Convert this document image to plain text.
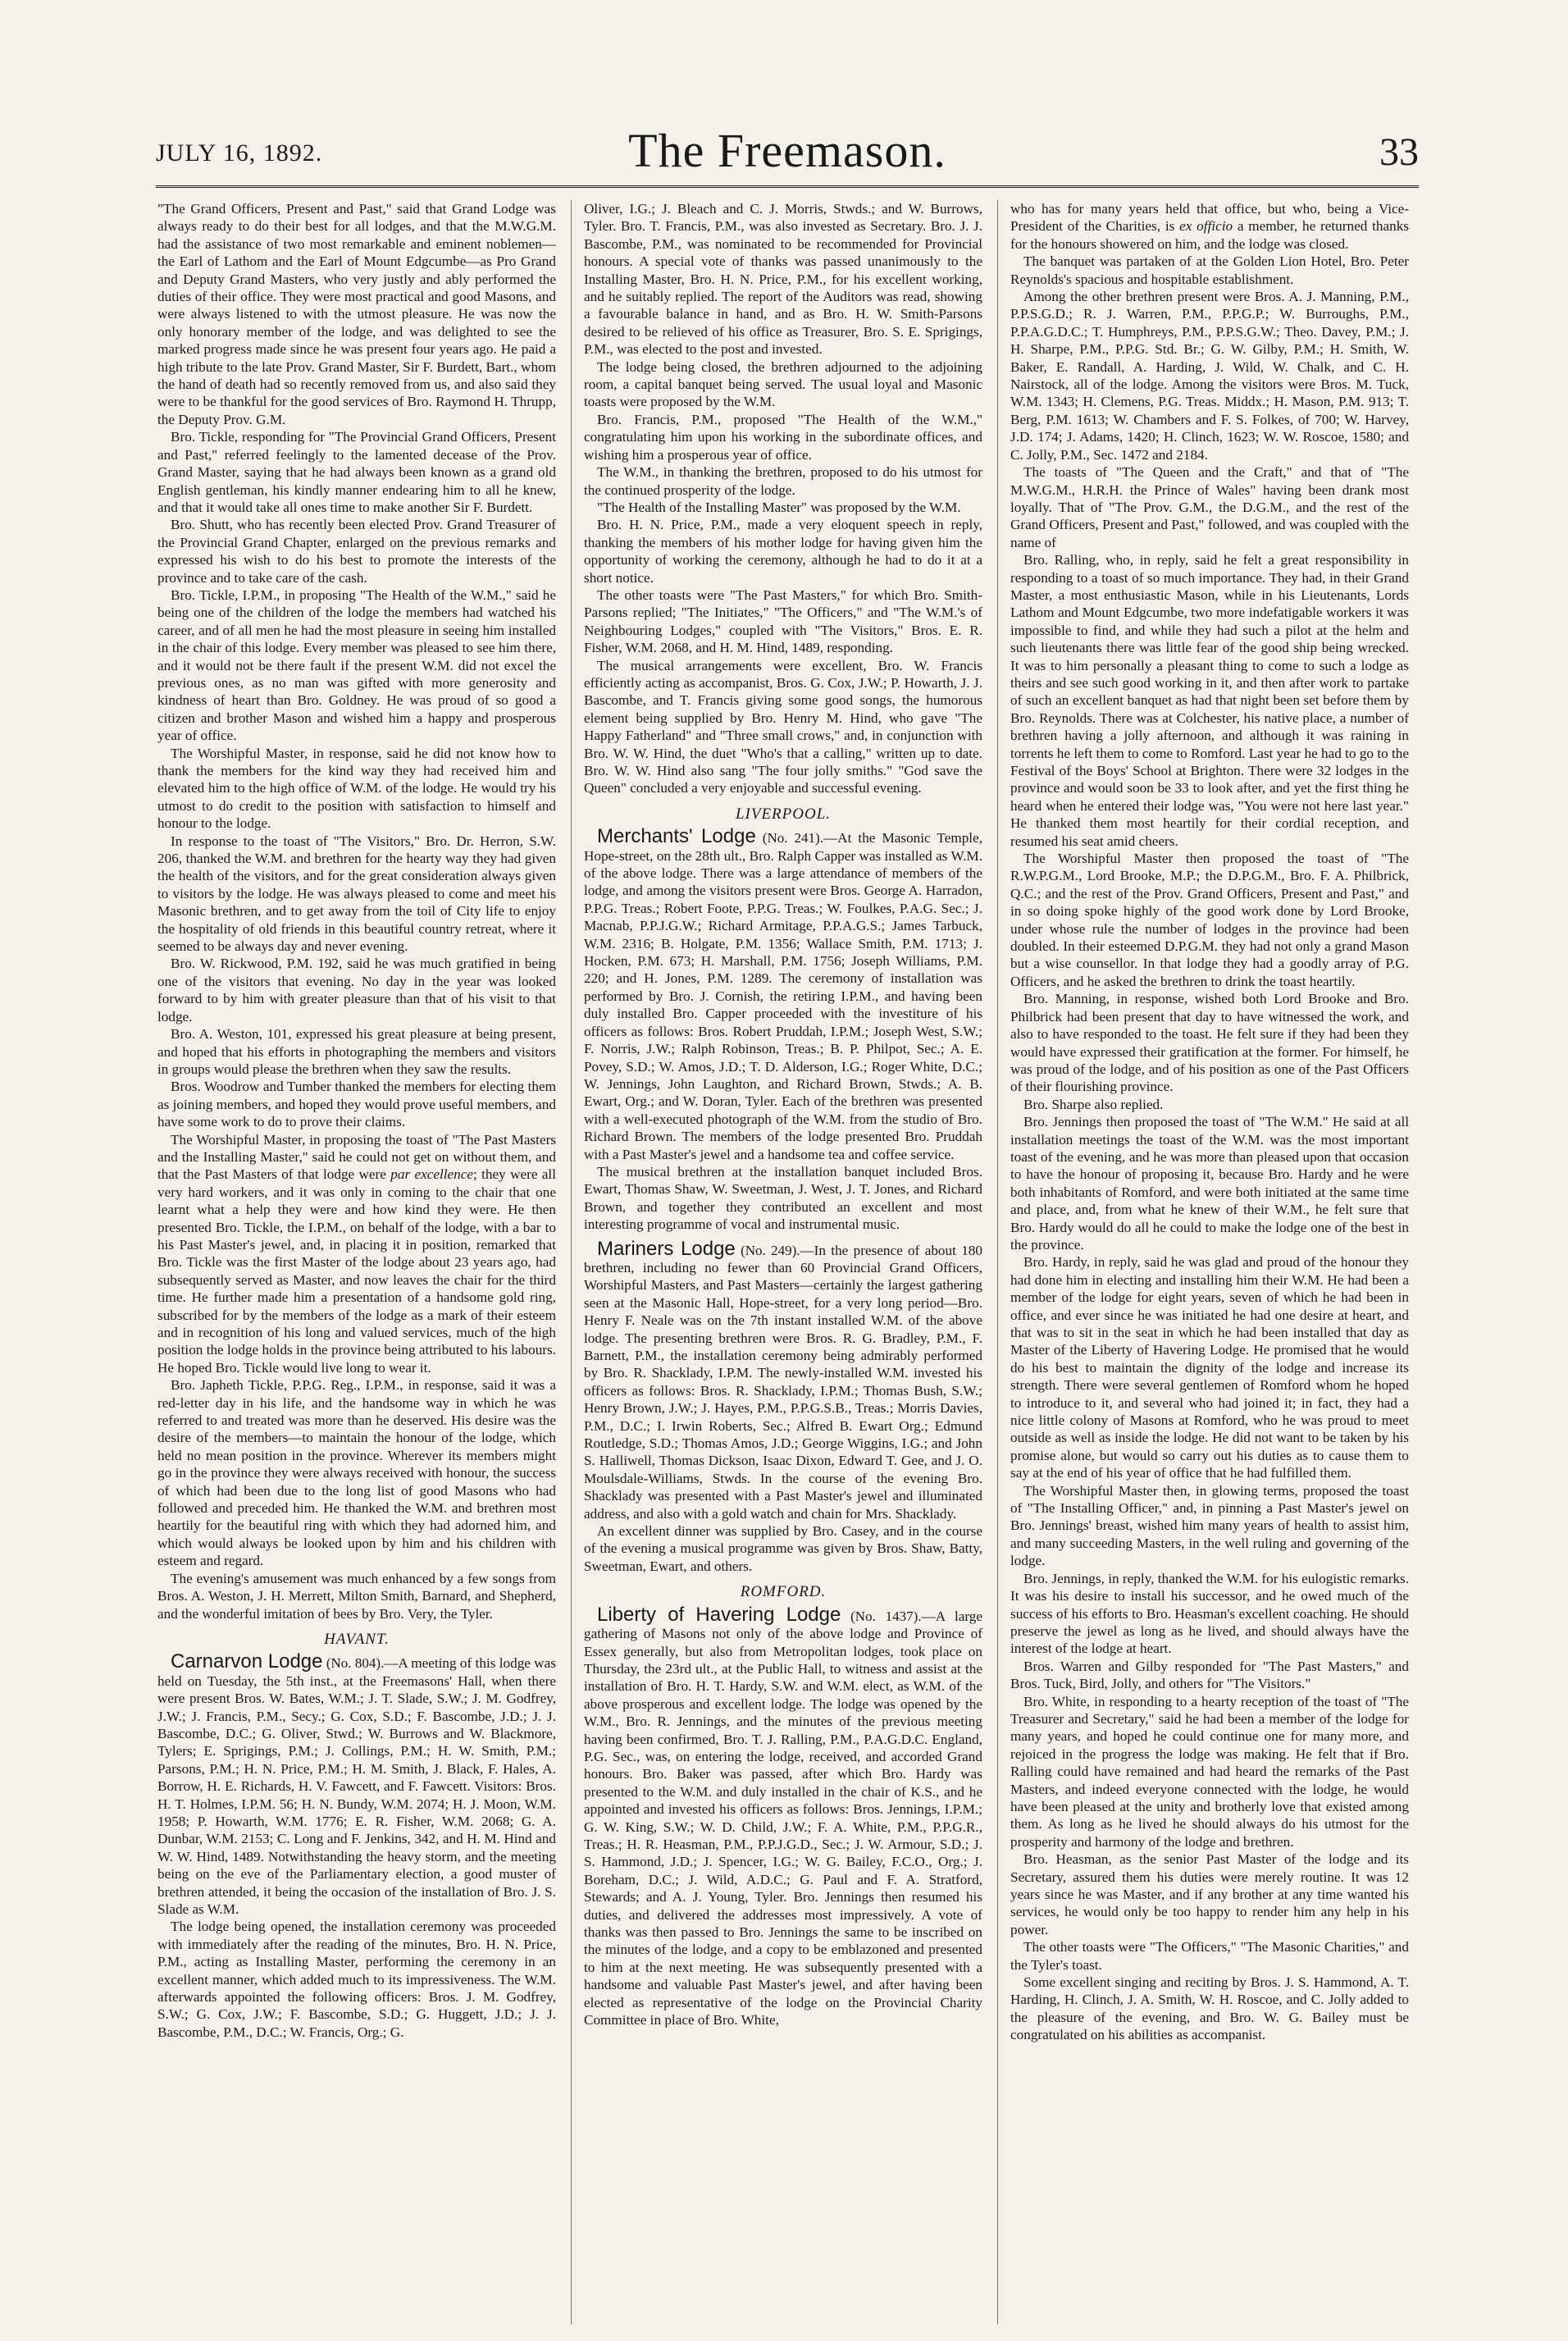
JULY 16, 1892.	The Freemason.	33

"The Grand Officers, Present and Past," said that Grand Lodge was always ready to do their best for all lodges, and that the M.W.G.M. had the assistance of two most remarkable and eminent noblemen—the Earl of Lathom and the Earl of Mount Edgcumbe—as Pro Grand and Deputy Grand Masters, who very justly and ably performed the duties of their office. They were most practical and good Masons, and were always listened to with the utmost pleasure. He was now the only honorary member of the lodge, and was delighted to see the marked progress made since he was present four years ago. He paid a high tribute to the late Prov. Grand Master, Sir F. Burdett, Bart., whom the hand of death had so recently removed from us, and also said they were to be thankful for the good services of Bro. Raymond H. Thrupp, the Deputy Prov. G.M.

Bro. Tickle, responding for "The Provincial Grand Officers, Present and Past," referred feelingly to the lamented decease of the Prov. Grand Master, saying that he had always been known as a grand old English gentleman, his kindly manner endearing him to all he knew, and that it would take all ones time to make another Sir F. Burdett.

Bro. Shutt, who has recently been elected Prov. Grand Treasurer of the Provincial Grand Chapter, enlarged on the previous remarks and expressed his wish to do his best to promote the interests of the province and to take care of the cash.

Bro. Tickle, I.P.M., in proposing "The Health of the W.M.," said he being one of the children of the lodge the members had watched his career, and of all men he had the most pleasure in seeing him installed in the chair of this lodge. Every member was pleased to see him there, and it would not be there fault if the present W.M. did not excel the previous ones, as no man was gifted with more generosity and kindness of heart than Bro. Goldney. He was proud of so good a citizen and brother Mason and wished him a happy and prosperous year of office.

The Worshipful Master, in response, said he did not know how to thank the members for the kind way they had received him and elevated him to the high office of W.M. of the lodge. He would try his utmost to do credit to the position with satisfaction to himself and honour to the lodge.

In response to the toast of "The Visitors," Bro. Dr. Herron, S.W. 206, thanked the W.M. and brethren for the hearty way they had given the health of the visitors, and for the great consideration always given to visitors by the lodge. He was always pleased to come and meet his Masonic brethren, and to get away from the toil of City life to enjoy the hospitality of old friends in this beautiful country retreat, where it seemed to be always day and never evening.

Bro. W. Rickwood, P.M. 192, said he was much gratified in being one of the visitors that evening. No day in the year was looked forward to by him with greater pleasure than that of his visit to that lodge.

Bro. A. Weston, 101, expressed his great pleasure at being present, and hoped that his efforts in photographing the members and visitors in groups would please the brethren when they saw the results.

Bros. Woodrow and Tumber thanked the members for electing them as joining members, and hoped they would prove useful members, and have some work to do to prove their claims.

The Worshipful Master, in proposing the toast of "The Past Masters and the Installing Master," said he could not get on without them, and that the Past Masters of that lodge were par excellence; they were all very hard workers, and it was only in coming to the chair that one learnt what a help they were and how kind they were. He then presented Bro. Tickle, the I.P.M., on behalf of the lodge, with a bar to his Past Master's jewel, and, in placing it in position, remarked that Bro. Tickle was the first Master of the lodge about 23 years ago, had subsequently served as Master, and now leaves the chair for the third time. He further made him a presentation of a handsome gold ring, subscribed for by the members of the lodge as a mark of their esteem and in recognition of his long and valued services, much of the high position the lodge holds in the province being attributed to his labours. He hoped Bro. Tickle would live long to wear it.

Bro. Japheth Tickle, P.P.G. Reg., I.P.M., in response, said it was a red-letter day in his life, and the handsome way in which he was referred to and treated was more than he deserved. His desire was the desire of the members—to maintain the honour of the lodge, which held no mean position in the province. Wherever its members might go in the province they were always received with honour, the success of which had been due to the long list of good Masons who had followed and preceded him. He thanked the W.M. and brethren most heartily for the beautiful ring with which they had adorned him, and which would always be looked upon by him and his children with esteem and regard.

The evening's amusement was much enhanced by a few songs from Bros. A. Weston, J. H. Merrett, Milton Smith, Barnard, and Shepherd, and the wonderful imitation of bees by Bro. Very, the Tyler.

HAVANT.

Carnarvon Lodge (No. 804).—A meeting of this lodge was held on Tuesday, the 5th inst., at the Freemasons' Hall, when there were present Bros. W. Bates, W.M.; J. T. Slade, S.W.; J. M. Godfrey, J.W.; J. Francis, P.M., Secy.; G. Cox, S.D.; F. Bascombe, J.D.; J. J. Bascombe, D.C.; G. Oliver, Stwd.; W. Burrows and W. Blackmore, Tylers; E. Sprigings, P.M.; J. Collings, P.M.; H. W. Smith, P.M.; Parsons, P.M.; H. N. Price, P.M.; H. M. Smith, J. Black, F. Hales, A. Borrow, H. E. Richards, H. V. Fawcett, and F. Fawcett. Visitors: Bros. H. T. Holmes, I.P.M. 56; H. N. Bundy, W.M. 2074; H. J. Moon, W.M. 1958; P. Howarth, W.M. 1776; E. R. Fisher, W.M. 2068; G. A. Dunbar, W.M. 2153; C. Long and F. Jenkins, 342, and H. M. Hind and W. W. Hind, 1489. Notwithstanding the heavy storm, and the meeting being on the eve of the Parliamentary election, a good muster of brethren attended, it being the occasion of the installation of Bro. J. S. Slade as W.M.

The lodge being opened, the installation ceremony was proceeded with immediately after the reading of the minutes, Bro. H. N. Price, P.M., acting as Installing Master, performing the ceremony in an excellent manner, which added much to its impressiveness. The W.M. afterwards appointed the following officers: Bros. J. M. Godfrey, S.W.; G. Cox, J.W.; F. Bascombe, S.D.; G. Huggett, J.D.; J. J. Bascombe, P.M., D.C.; W. Francis, Org.; G.

Oliver, I.G.; J. Bleach and C. J. Morris, Stwds.; and W. Burrows, Tyler. Bro. T. Francis, P.M., was also invested as Secretary. Bro. J. J. Bascombe, P.M., was nominated to be recommended for Provincial honours. A special vote of thanks was passed unanimously to the Installing Master, Bro. H. N. Price, P.M., for his excellent working, and he suitably replied. The report of the Auditors was read, showing a favourable balance in hand, and as Bro. H. W. Smith-Parsons desired to be relieved of his office as Treasurer, Bro. S. E. Sprigings, P.M., was elected to the post and invested.

The lodge being closed, the brethren adjourned to the adjoining room, a capital banquet being served. The usual loyal and Masonic toasts were proposed by the W.M.

Bro. Francis, P.M., proposed "The Health of the W.M.," congratulating him upon his working in the subordinate offices, and wishing him a prosperous year of office.

The W.M., in thanking the brethren, proposed to do his utmost for the continued prosperity of the lodge.

"The Health of the Installing Master" was proposed by the W.M.

Bro. H. N. Price, P.M., made a very eloquent speech in reply, thanking the members of his mother lodge for having given him the opportunity of working the ceremony, although he had to do it at a short notice.

The other toasts were "The Past Masters," for which Bro. Smith-Parsons replied; "The Initiates," "The Officers," and "The W.M.'s of Neighbouring Lodges," coupled with "The Visitors," Bros. E. R. Fisher, W.M. 2068, and H. M. Hind, 1489, responding.

The musical arrangements were excellent, Bro. W. Francis efficiently acting as accompanist, Bros. G. Cox, J.W.; P. Howarth, J. J. Bascombe, and T. Francis giving some good songs, the humorous element being supplied by Bro. Henry M. Hind, who gave "The Happy Fatherland" and "Three small crows," and, in conjunction with Bro. W. W. Hind, the duet "Who's that a calling," written up to date. Bro. W. W. Hind also sang "The four jolly smiths." "God save the Queen" concluded a very enjoyable and successful evening.

LIVERPOOL.

Merchants' Lodge (No. 241).—At the Masonic Temple, Hope-street, on the 28th ult., Bro. Ralph Capper was installed as W.M. of the above lodge. There was a large attendance of members of the lodge, and among the visitors present were Bros. George A. Harradon, P.P.G. Treas.; Robert Foote, P.P.G. Treas.; W. Foulkes, P.A.G. Sec.; J. Macnab, P.P.J.G.W.; Richard Armitage, P.P.A.G.S.; James Tarbuck, W.M. 2316; B. Holgate, P.M. 1356; Wallace Smith, P.M. 1713; J. Hocken, P.M. 673; H. Marshall, P.M. 1756; Joseph Williams, P.M. 220; and H. Jones, P.M. 1289. The ceremony of installation was performed by Bro. J. Cornish, the retiring I.P.M., and having been duly installed Bro. Capper proceeded with the investiture of his officers as follows: Bros. Robert Pruddah, I.P.M.; Joseph West, S.W.; F. Norris, J.W.; Ralph Robinson, Treas.; B. P. Philpot, Sec.; A. E. Povey, S.D.; W. Amos, J.D.; T. D. Alderson, I.G.; Roger White, D.C.; W. Jennings, John Laughton, and Richard Brown, Stwds.; A. B. Ewart, Org.; and W. Doran, Tyler. Each of the brethren was presented with a well-executed photograph of the W.M. from the studio of Bro. Richard Brown. The members of the lodge presented Bro. Pruddah with a Past Master's jewel and a handsome tea and coffee service.

The musical brethren at the installation banquet included Bros. Ewart, Thomas Shaw, W. Sweetman, J. West, J. T. Jones, and Richard Brown, and together they contributed an excellent and most interesting programme of vocal and instrumental music.

Mariners Lodge (No. 249).—In the presence of about 180 brethren, including no fewer than 60 Provincial Grand Officers, Worshipful Masters, and Past Masters—certainly the largest gathering seen at the Masonic Hall, Hope-street, for a very long period—Bro. Henry F. Neale was on the 7th instant installed W.M. of the above lodge. The presenting brethren were Bros. R. G. Bradley, P.M., F. Barnett, P.M., the installation ceremony being admirably performed by Bro. R. Shacklady, I.P.M. The newly-installed W.M. invested his officers as follows: Bros. R. Shacklady, I.P.M.; Thomas Bush, S.W.; Henry Brown, J.W.; J. Hayes, P.M., P.P.G.S.B., Treas.; Morris Davies, P.M., D.C.; I. Irwin Roberts, Sec.; Alfred B. Ewart Org.; Edmund Routledge, S.D.; Thomas Amos, J.D.; George Wiggins, I.G.; and John S. Halliwell, Thomas Dickson, Isaac Dixon, Edward T. Gee, and J. O. Moulsdale-Williams, Stwds. In the course of the evening Bro. Shacklady was presented with a Past Master's jewel and illuminated address, and also with a gold watch and chain for Mrs. Shacklady.

An excellent dinner was supplied by Bro. Casey, and in the course of the evening a musical programme was given by Bros. Shaw, Batty, Sweetman, Ewart, and others.

ROMFORD.

Liberty of Havering Lodge (No. 1437).—A large gathering of Masons not only of the above lodge and Province of Essex generally, but also from Metropolitan lodges, took place on Thursday, the 23rd ult., at the Public Hall, to witness and assist at the installation of Bro. H. T. Hardy, S.W. and W.M. elect, as W.M. of the above prosperous and excellent lodge. The lodge was opened by the W.M., Bro. R. Jennings, and the minutes of the previous meeting having been confirmed, Bro. T. J. Ralling, P.M., P.A.G.D.C. England, P.G. Sec., was, on entering the lodge, received, and accorded Grand honours. Bro. Baker was passed, after which Bro. Hardy was presented to the W.M. and duly installed in the chair of K.S., and he appointed and invested his officers as follows: Bros. Jennings, I.P.M.; G. W. King, S.W.; W. D. Child, J.W.; F. A. White, P.M., P.P.G.R., Treas.; H. R. Heasman, P.M., P.P.J.G.D., Sec.; J. W. Armour, S.D.; J. S. Hammond, J.D.; J. Spencer, I.G.; W. G. Bailey, F.C.O., Org.; J. Boreham, D.C.; J. Wild, A.D.C.; G. Paul and F. A. Stratford, Stewards; and A. J. Young, Tyler. Bro. Jennings then resumed his duties, and delivered the addresses most impressively. A vote of thanks was then passed to Bro. Jennings the same to be inscribed on the minutes of the lodge, and a copy to be emblazoned and presented to him at the next meeting. He was subsequently presented with a handsome and valuable Past Master's jewel, and after having been elected as representative of the lodge on the Provincial Charity Committee in place of Bro. White,

who has for many years held that office, but who, being a Vice-President of the Charities, is ex officio a member, he returned thanks for the honours showered on him, and the lodge was closed.

The banquet was partaken of at the Golden Lion Hotel, Bro. Peter Reynolds's spacious and hospitable establishment.

Among the other brethren present were Bros. A. J. Manning, P.M., P.P.S.G.D.; R. J. Warren, P.M., P.P.G.P.; W. Burroughs, P.M., P.P.A.G.D.C.; T. Humphreys, P.M., P.P.S.G.W.; Theo. Davey, P.M.; J. H. Sharpe, P.M., P.P.G. Std. Br.; G. W. Gilby, P.M.; H. Smith, W. Baker, E. Randall, A. Harding, J. Wild, W. Chalk, and C. H. Nairstock, all of the lodge. Among the visitors were Bros. M. Tuck, W.M. 1343; H. Clemens, P.G. Treas. Middx.; H. Mason, P.M. 913; T. Berg, P.M. 1613; W. Chambers and F. S. Folkes, of 700; W. Harvey, J.D. 174; J. Adams, 1420; H. Clinch, 1623; W. W. Roscoe, 1580; and C. Jolly, P.M., Sec. 1472 and 2184.

The toasts of "The Queen and the Craft," and that of "The M.W.G.M., H.R.H. the Prince of Wales" having been drank most loyally. That of "The Prov. G.M., the D.G.M., and the rest of the Grand Officers, Present and Past," followed, and was coupled with the name of

Bro. Ralling, who, in reply, said he felt a great responsibility in responding to a toast of so much importance. They had, in their Grand Master, a most enthusiastic Mason, while in his Lieutenants, Lords Lathom and Mount Edgcumbe, two more indefatigable workers it was impossible to find, and while they had such a pilot at the helm and such lieutenants there was little fear of the good ship being wrecked. It was to him personally a pleasant thing to come to such a lodge as theirs and see such good working in it, and then after work to partake of such an excellent banquet as had that night been set before them by Bro. Reynolds. There was at Colchester, his native place, a number of brethren having a jolly afternoon, and although it was raining in torrents he left them to come to Romford. Last year he had to go to the Festival of the Boys' School at Brighton. There were 32 lodges in the province and would soon be 33 to look after, and yet the first thing he heard when he entered their lodge was, "You were not here last year." He thanked them most heartily for their cordial reception, and resumed his seat amid cheers.

The Worshipful Master then proposed the toast of "The R.W.P.G.M., Lord Brooke, M.P.; the D.P.G.M., Bro. F. A. Philbrick, Q.C.; and the rest of the Prov. Grand Officers, Present and Past," and in so doing spoke highly of the good work done by Lord Brooke, under whose rule the number of lodges in the province had been doubled. In their esteemed D.P.G.M. they had not only a grand Mason but a wise counsellor. In that lodge they had a goodly array of P.G. Officers, and he asked the brethren to drink the toast heartily.

Bro. Manning, in response, wished both Lord Brooke and Bro. Philbrick had been present that day to have witnessed the work, and also to have responded to the toast. He felt sure if they had been they would have expressed their gratification at the former. For himself, he was proud of the lodge, and of his position as one of the Past Officers of their flourishing province.

Bro. Sharpe also replied.

Bro. Jennings then proposed the toast of "The W.M." He said at all installation meetings the toast of the W.M. was the most important toast of the evening, and he was more than pleased upon that occasion to have the honour of proposing it, because Bro. Hardy and he were both inhabitants of Romford, and were both initiated at the same time and place, and, from what he knew of their W.M., he felt sure that Bro. Hardy would do all he could to make the lodge one of the best in the province.

Bro. Hardy, in reply, said he was glad and proud of the honour they had done him in electing and installing him their W.M. He had been a member of the lodge for eight years, seven of which he had been in office, and ever since he was initiated he had one desire at heart, and that was to sit in the seat in which he had been installed that day as Master of the Liberty of Havering Lodge. He promised that he would do his best to maintain the dignity of the lodge and increase its strength. There were several gentlemen of Romford whom he hoped to introduce to it, and several who had joined it; in fact, they had a nice little colony of Masons at Romford, who he was proud to meet outside as well as inside the lodge. He did not want to be taken by his promise alone, but would so carry out his duties as to cause them to say at the end of his year of office that he had fulfilled them.

The Worshipful Master then, in glowing terms, proposed the toast of "The Installing Officer," and, in pinning a Past Master's jewel on Bro. Jennings' breast, wished him many years of health to assist him, and many succeeding Masters, in the well ruling and governing of the lodge.

Bro. Jennings, in reply, thanked the W.M. for his eulogistic remarks. It was his desire to install his successor, and he owed much of the success of his efforts to Bro. Heasman's excellent coaching. He should preserve the jewel as long as he lived, and should always have the interest of the lodge at heart.

Bros. Warren and Gilby responded for "The Past Masters," and Bros. Tuck, Bird, Jolly, and others for "The Visitors."

Bro. White, in responding to a hearty reception of the toast of "The Treasurer and Secretary," said he had been a member of the lodge for many years, and hoped he could continue one for many more, and rejoiced in the progress the lodge was making. He felt that if Bro. Ralling could have remained and had heard the remarks of the Past Masters, and indeed everyone connected with the lodge, he would have been pleased at the unity and brotherly love that existed among them. As long as he lived he should always do his utmost for the prosperity and harmony of the lodge and brethren.

Bro. Heasman, as the senior Past Master of the lodge and its Secretary, assured them his duties were merely routine. It was 12 years since he was Master, and if any brother at any time wanted his services, he would only be too happy to render him any help in his power.

The other toasts were "The Officers," "The Masonic Charities," and the Tyler's toast.

Some excellent singing and reciting by Bros. J. S. Hammond, A. T. Harding, H. Clinch, J. A. Smith, W. H. Roscoe, and C. Jolly added to the pleasure of the evening, and Bro. W. G. Bailey must be congratulated on his abilities as accompanist.
